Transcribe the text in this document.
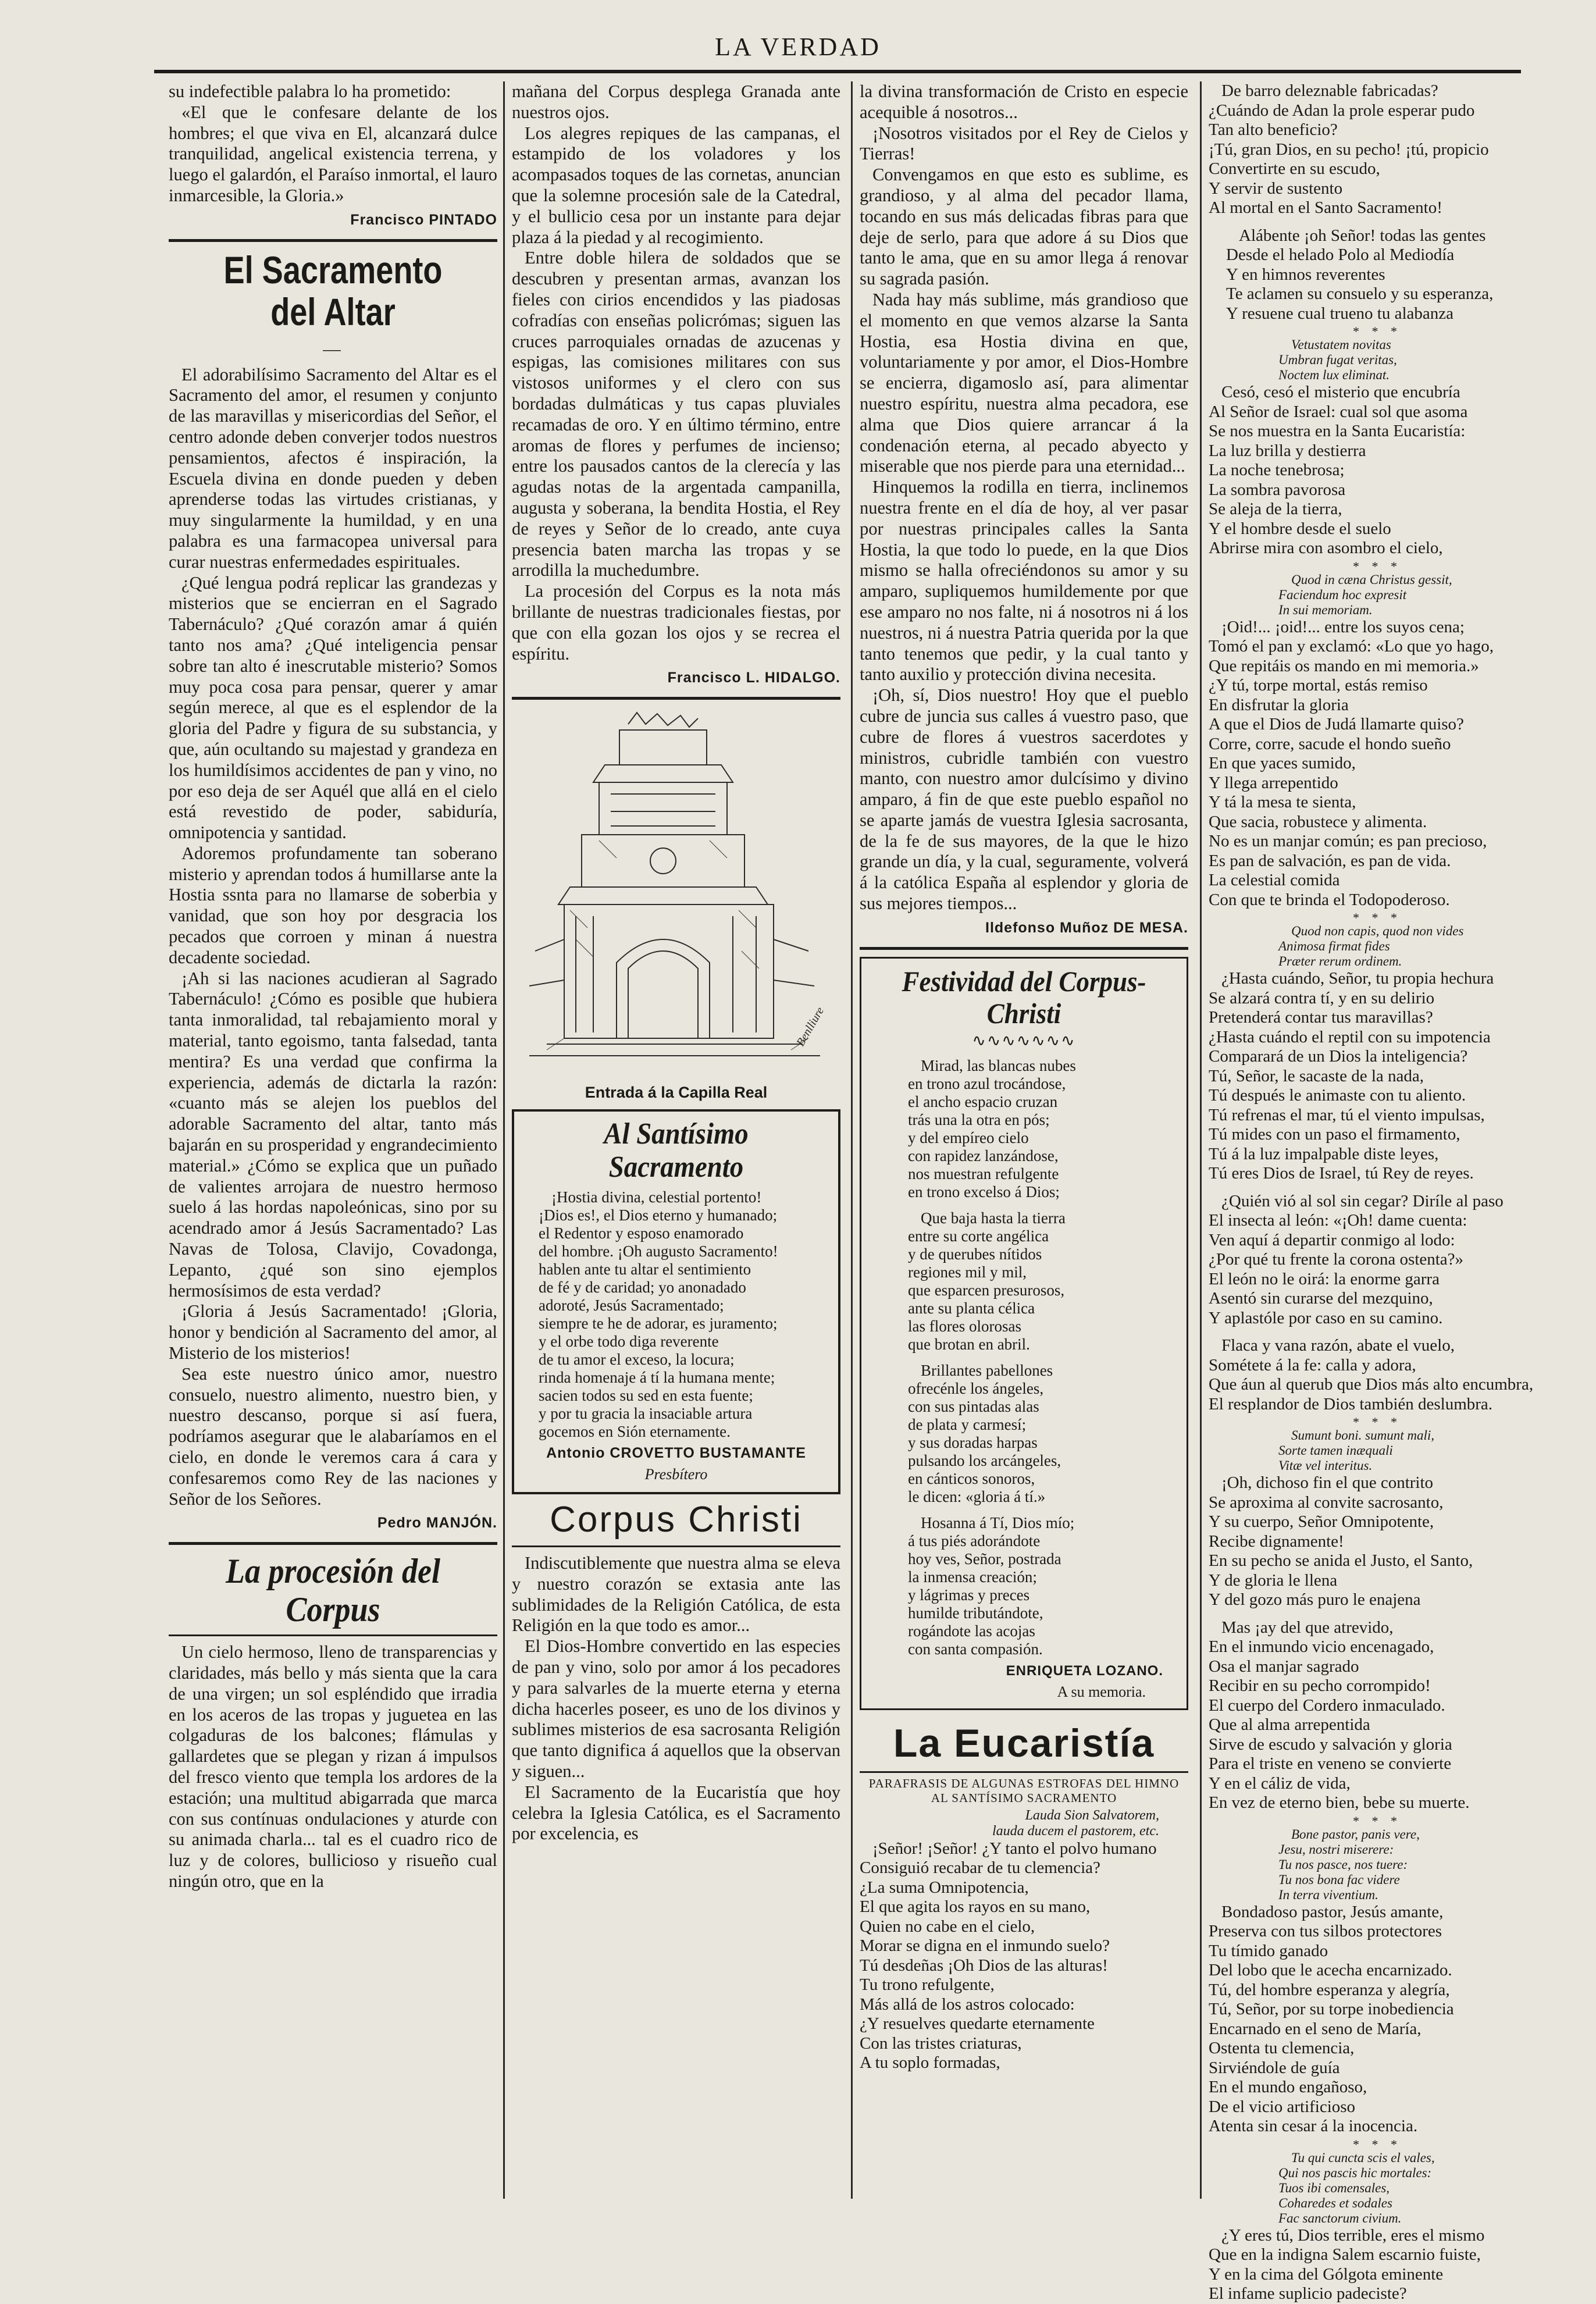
LA VERDAD

su indefectible palabra lo ha prometido:

«El que le confesare delante de los hombres; el que viva en El, alcanzará dulce tranquilidad, angelical existencia terrena, y luego el galardón, el Paraíso inmortal, el lauro inmarcesible, la Gloria.»

Francisco PINTADO
El Sacramento del Altar
—

El adorabilísimo Sacramento del Altar es el Sacramento del amor, el resumen y conjunto de las maravillas y misericordias del Señor, el centro adonde deben converjer todos nuestros pensamientos, afectos é inspiración, la Escuela divina en donde pueden y deben aprenderse todas las virtudes cristianas, y muy singularmente la humildad, y en una palabra es una farmacopea universal para curar nuestras enfermedades espirituales.

¿Qué lengua podrá replicar las grandezas y misterios que se encierran en el Sagrado Tabernáculo? ¿Qué corazón amar á quién tanto nos ama? ¿Qué inteligencia pensar sobre tan alto é inescrutable misterio? Somos muy poca cosa para pensar, querer y amar según merece, al que es el esplendor de la gloria del Padre y figura de su substancia, y que, aún ocultando su majestad y grandeza en los humildísimos accidentes de pan y vino, no por eso deja de ser Aquél que allá en el cielo está revestido de poder, sabiduría, omnipotencia y santidad.

Adoremos profundamente tan soberano misterio y aprendan todos á humillarse ante la Hostia ssnta para no llamarse de soberbia y vanidad, que son hoy por desgracia los pecados que corroen y minan á nuestra decadente sociedad.

¡Ah si las naciones acudieran al Sagrado Tabernáculo! ¿Cómo es posible que hubiera tanta inmoralidad, tal rebajamiento moral y material, tanto egoismo, tanta falsedad, tanta mentira? Es una verdad que confirma la experiencia, además de dictarla la razón: «cuanto más se alejen los pueblos del adorable Sacramento del altar, tanto más bajarán en su prosperidad y engrandecimiento material.» ¿Cómo se explica que un puñado de valientes arrojara de nuestro hermoso suelo á las hordas napoleónicas, sino por su acendrado amor á Jesús Sacramentado? Las Navas de Tolosa, Clavijo, Covadonga, Lepanto, ¿qué son sino ejemplos hermosísimos de esta verdad?

¡Gloria á Jesús Sacramentado! ¡Gloria, honor y bendición al Sacramento del amor, al Misterio de los misterios!

Sea este nuestro único amor, nuestro consuelo, nuestro alimento, nuestro bien, y nuestro descanso, porque si así fuera, podríamos asegurar que le alabaríamos en el cielo, en donde le veremos cara á cara y confesaremos como Rey de las naciones y Señor de los Señores.

Pedro MANJÓN.
La procesión del Corpus

Un cielo hermoso, lleno de transparencias y claridades, más bello y más sienta que la cara de una virgen; un sol espléndido que irradia en los aceros de las tropas y juguetea en las colgaduras de los balcones; flámulas y gallardetes que se plegan y rizan á impulsos del fresco viento que templa los ardores de la estación; una multitud abigarrada que marca con sus contínuas ondulaciones y aturde con su animada charla... tal es el cuadro rico de luz y de colores, bullicioso y risueño cual ningún otro, que en la

mañana del Corpus desplega Granada ante nuestros ojos.

Los alegres repiques de las campanas, el estampido de los voladores y los acompasados toques de las cornetas, anuncian que la solemne procesión sale de la Catedral, y el bullicio cesa por un instante para dejar plaza á la piedad y al recogimiento.

Entre doble hilera de soldados que se descubren y presentan armas, avanzan los fieles con cirios encendidos y las piadosas cofradías con enseñas policrómas; siguen las cruces parroquiales ornadas de azucenas y espigas, las comisiones militares con sus vistosos uniformes y el clero con sus bordadas dulmáticas y tus capas pluviales recamadas de oro. Y en último término, entre aromas de flores y perfumes de incienso; entre los pausados cantos de la clerecía y las agudas notas de la argentada campanilla, augusta y soberana, la bendita Hostia, el Rey de reyes y Señor de lo creado, ante cuya presencia baten marcha las tropas y se arrodilla la muchedumbre.

La procesión del Corpus es la nota más brillante de nuestras tradicionales fiestas, por que con ella gozan los ojos y se recrea el espíritu.

Francisco L. HIDALGO.
Benlliure
Entrada á la Capilla Real
Al Santísimo Sacramento

¡Hostia divina, celestial portento!
¡Dios es!, el Dios eterno y humanado;
el Redentor y esposo enamorado
del hombre. ¡Oh augusto Sacramento!
hablen ante tu altar el sentimiento
de fé y de caridad; yo anonadado
adoroté, Jesús Sacramentado;
siempre te he de adorar, es juramento;
y el orbe todo diga reverente
de tu amor el exceso, la locura;
rinda homenaje á tí la humana mente;
sacien todos su sed en esta fuente;
y por tu gracia la insaciable artura
gocemos en Sión eternamente.

Antonio CROVETTO BUSTAMANTE
Presbítero
Corpus Christi

Indiscutiblemente que nuestra alma se eleva y nuestro corazón se extasia ante las sublimidades de la Religión Católica, de esta Religión en la que todo es amor...

El Dios-Hombre convertido en las especies de pan y vino, solo por amor á los pecadores y para salvarles de la muerte eterna y eterna dicha hacerles poseer, es uno de los divinos y sublimes misterios de esa sacrosanta Religión que tanto dignifica á aquellos que la observan y siguen...

El Sacramento de la Eucaristía que hoy celebra la Iglesia Católica, es el Sacramento por excelencia, es

la divina transformación de Cristo en especie acequible á nosotros...

¡Nosotros visitados por el Rey de Cielos y Tierras!

Convengamos en que esto es sublime, es grandioso, y al alma del pecador llama, tocando en sus más delicadas fibras para que deje de serlo, para que adore á su Dios que tanto le ama, que en su amor llega á renovar su sagrada pasión.

Nada hay más sublime, más grandioso que el momento en que vemos alzarse la Santa Hostia, esa Hostia divina en que, voluntariamente y por amor, el Dios-Hombre se encierra, digamoslo así, para alimentar nuestro espíritu, nuestra alma pecadora, ese alma que Dios quiere arrancar á la condenación eterna, al pecado abyecto y miserable que nos pierde para una eternidad...

Hinquemos la rodilla en tierra, inclinemos nuestra frente en el día de hoy, al ver pasar por nuestras principales calles la Santa Hostia, la que todo lo puede, en la que Dios mismo se halla ofreciéndonos su amor y su amparo, supliquemos humildemente por que ese amparo no nos falte, ni á nosotros ni á los nuestros, ni á nuestra Patria querida por la que tanto tenemos que pedir, y la cual tanto y tanto auxilio y protección divina necesita.

¡Oh, sí, Dios nuestro! Hoy que el pueblo cubre de juncia sus calles á vuestro paso, que cubre de flores á vuestros sacerdotes y ministros, cubridle también con vuestro manto, con nuestro amor dulcísimo y divino amparo, á fin de que este pueblo español no se aparte jamás de vuestra Iglesia sacrosanta, de la fe de sus mayores, de la que le hizo grande un día, y la cual, seguramente, volverá á la católica España al esplendor y gloria de sus mejores tiempos...

Ildefonso Muñoz DE MESA.
Festividad del Corpus-Christi
∿∿∿∿∿∿∿

Mirad, las blancas nubes
en trono azul trocándose,
el ancho espacio cruzan
trás una la otra en pós;
y del empíreo cielo
con rapidez lanzándose,
nos muestran refulgente
en trono excelso á Dios;

Que baja hasta la tierra
entre su corte angélica
y de querubes nítidos
regiones mil y mil,
que esparcen presurosos,
ante su planta célica
las flores olorosas
que brotan en abril.

Brillantes pabellones
ofrecénle los ángeles,
con sus pintadas alas
de plata y carmesí;
y sus doradas harpas
pulsando los arcángeles,
en cánticos sonoros,
le dicen: «gloria á tí.»

Hosanna á Tí, Dios mío;
á tus piés adorándote
hoy ves, Señor, postrada
la inmensa creación;
y lágrimas y preces
humilde tributándote,
rogándote las acojas
con santa compasión.

ENRIQUETA LOZANO.
A su memoria.
La Eucaristía
PARAFRASIS DE ALGUNAS ESTROFAS DEL HIMNO AL SANTÍSIMO SACRAMENTO

Lauda Sion Salvatorem,
lauda ducem el pastorem, etc.

¡Señor! ¡Señor! ¿Y tanto el polvo humano
Consiguió recabar de tu clemencia?
¿La suma Omnipotencia,
El que agita los rayos en su mano,
Quien no cabe en el cielo,
Morar se digna en el inmundo suelo?
Tú desdeñas ¡Oh Dios de las alturas!
Tu trono refulgente,
Más allá de los astros colocado:
¿Y resuelves quedarte eternamente
Con las tristes criaturas,
A tu soplo formadas,

De barro deleznable fabricadas?
¿Cuándo de Adan la prole esperar pudo
Tan alto beneficio?
¡Tú, gran Dios, en su pecho! ¡tú, propicio
Convertirte en su escudo,
Y servir de sustento
Al mortal en el Santo Sacramento!

Alábente ¡oh Señor! todas las gentes
Desde el helado Polo al Mediodía
Y en himnos reverentes
Te aclamen su consuelo y su esperanza,
Y resuene cual trueno tu alabanza

* * *

Vetustatem novitas
Umbran fugat veritas,
Noctem lux eliminat.

Cesó, cesó el misterio que encubría
Al Señor de Israel: cual sol que asoma
Se nos muestra en la Santa Eucaristía:
La luz brilla y destierra
La noche tenebrosa;
La sombra pavorosa
Se aleja de la tierra,
Y el hombre desde el suelo
Abrirse mira con asombro el cielo,

* * *

Quod in cæna Christus gessit,
Faciendum hoc expresit
In sui memoriam.

¡Oid!... ¡oid!... entre los suyos cena;
Tomó el pan y exclamó: «Lo que yo hago,
Que repitáis os mando en mi memoria.»
¿Y tú, torpe mortal, estás remiso
En disfrutar la gloria
A que el Dios de Judá llamarte quiso?
Corre, corre, sacude el hondo sueño
En que yaces sumido,
Y llega arrepentido
Y tá la mesa te sienta,
Que sacia, robustece y alimenta.
No es un manjar común; es pan precioso,
Es pan de salvación, es pan de vida.
La celestial comida
Con que te brinda el Todopoderoso.

* * *

Quod non capis, quod non vides
Animosa firmat fides
Præter rerum ordinem.

¿Hasta cuándo, Señor, tu propia hechura
Se alzará contra tí, y en su delirio
Pretenderá contar tus maravillas?
¿Hasta cuándo el reptil con su impotencia
Comparará de un Dios la inteligencia?
Tú, Señor, le sacaste de la nada,
Tú después le animaste con tu aliento.
Tú refrenas el mar, tú el viento impulsas,
Tú mides con un paso el firmamento,
Tú á la luz impalpable diste leyes,
Tú eres Dios de Israel, tú Rey de reyes.

¿Quién vió al sol sin cegar? Diríle al paso
El insecta al león: «¡Oh! dame cuenta:
Ven aquí á departir conmigo al lodo:
¿Por qué tu frente la corona ostenta?»
El león no le oirá: la enorme garra
Asentó sin curarse del mezquino,
Y aplastóle por caso en su camino.

Flaca y vana razón, abate el vuelo,
Sométete á la fe: calla y adora,
Que áun al querub que Dios más alto encumbra,
El resplandor de Dios también deslumbra.

* * *

Sumunt boni. sumunt mali,
Sorte tamen inæquali
Vitæ vel interitus.

¡Oh, dichoso fin el que contrito
Se aproxima al convite sacrosanto,
Y su cuerpo, Señor Omnipotente,
Recibe dignamente!
En su pecho se anida el Justo, el Santo,
Y de gloria le llena
Y del gozo más puro le enajena

Mas ¡ay del que atrevido,
En el inmundo vicio encenagado,
Osa el manjar sagrado
Recibir en su pecho corrompido!
El cuerpo del Cordero inmaculado.
Que al alma arrepentida
Sirve de escudo y salvación y gloria
Para el triste en veneno se convierte
Y en el cáliz de vida,
En vez de eterno bien, bebe su muerte.

* * *

Bone pastor, panis vere,
Jesu, nostri miserere:
Tu nos pasce, nos tuere:
Tu nos bona fac videre
In terra viventium.

Bondadoso pastor, Jesús amante,
Preserva con tus silbos protectores
Tu tímido ganado
Del lobo que le acecha encarnizado.
Tú, del hombre esperanza y alegría,
Tú, Señor, por su torpe inobediencia
Encarnado en el seno de María,
Ostenta tu clemencia,
Sirviéndole de guía
En el mundo engañoso,
De el vicio artificioso
Atenta sin cesar á la inocencia.

* * *

Tu qui cuncta scis el vales,
Qui nos pascis hic mortales:
Tuos ibi comensales,
Coharedes et sodales
Fac sanctorum civium.

¿Y eres tú, Dios terrible, eres el mismo
Que en la indigna Salem escarnio fuiste,
Y en la cima del Gólgota eminente
El infame suplicio padeciste?
